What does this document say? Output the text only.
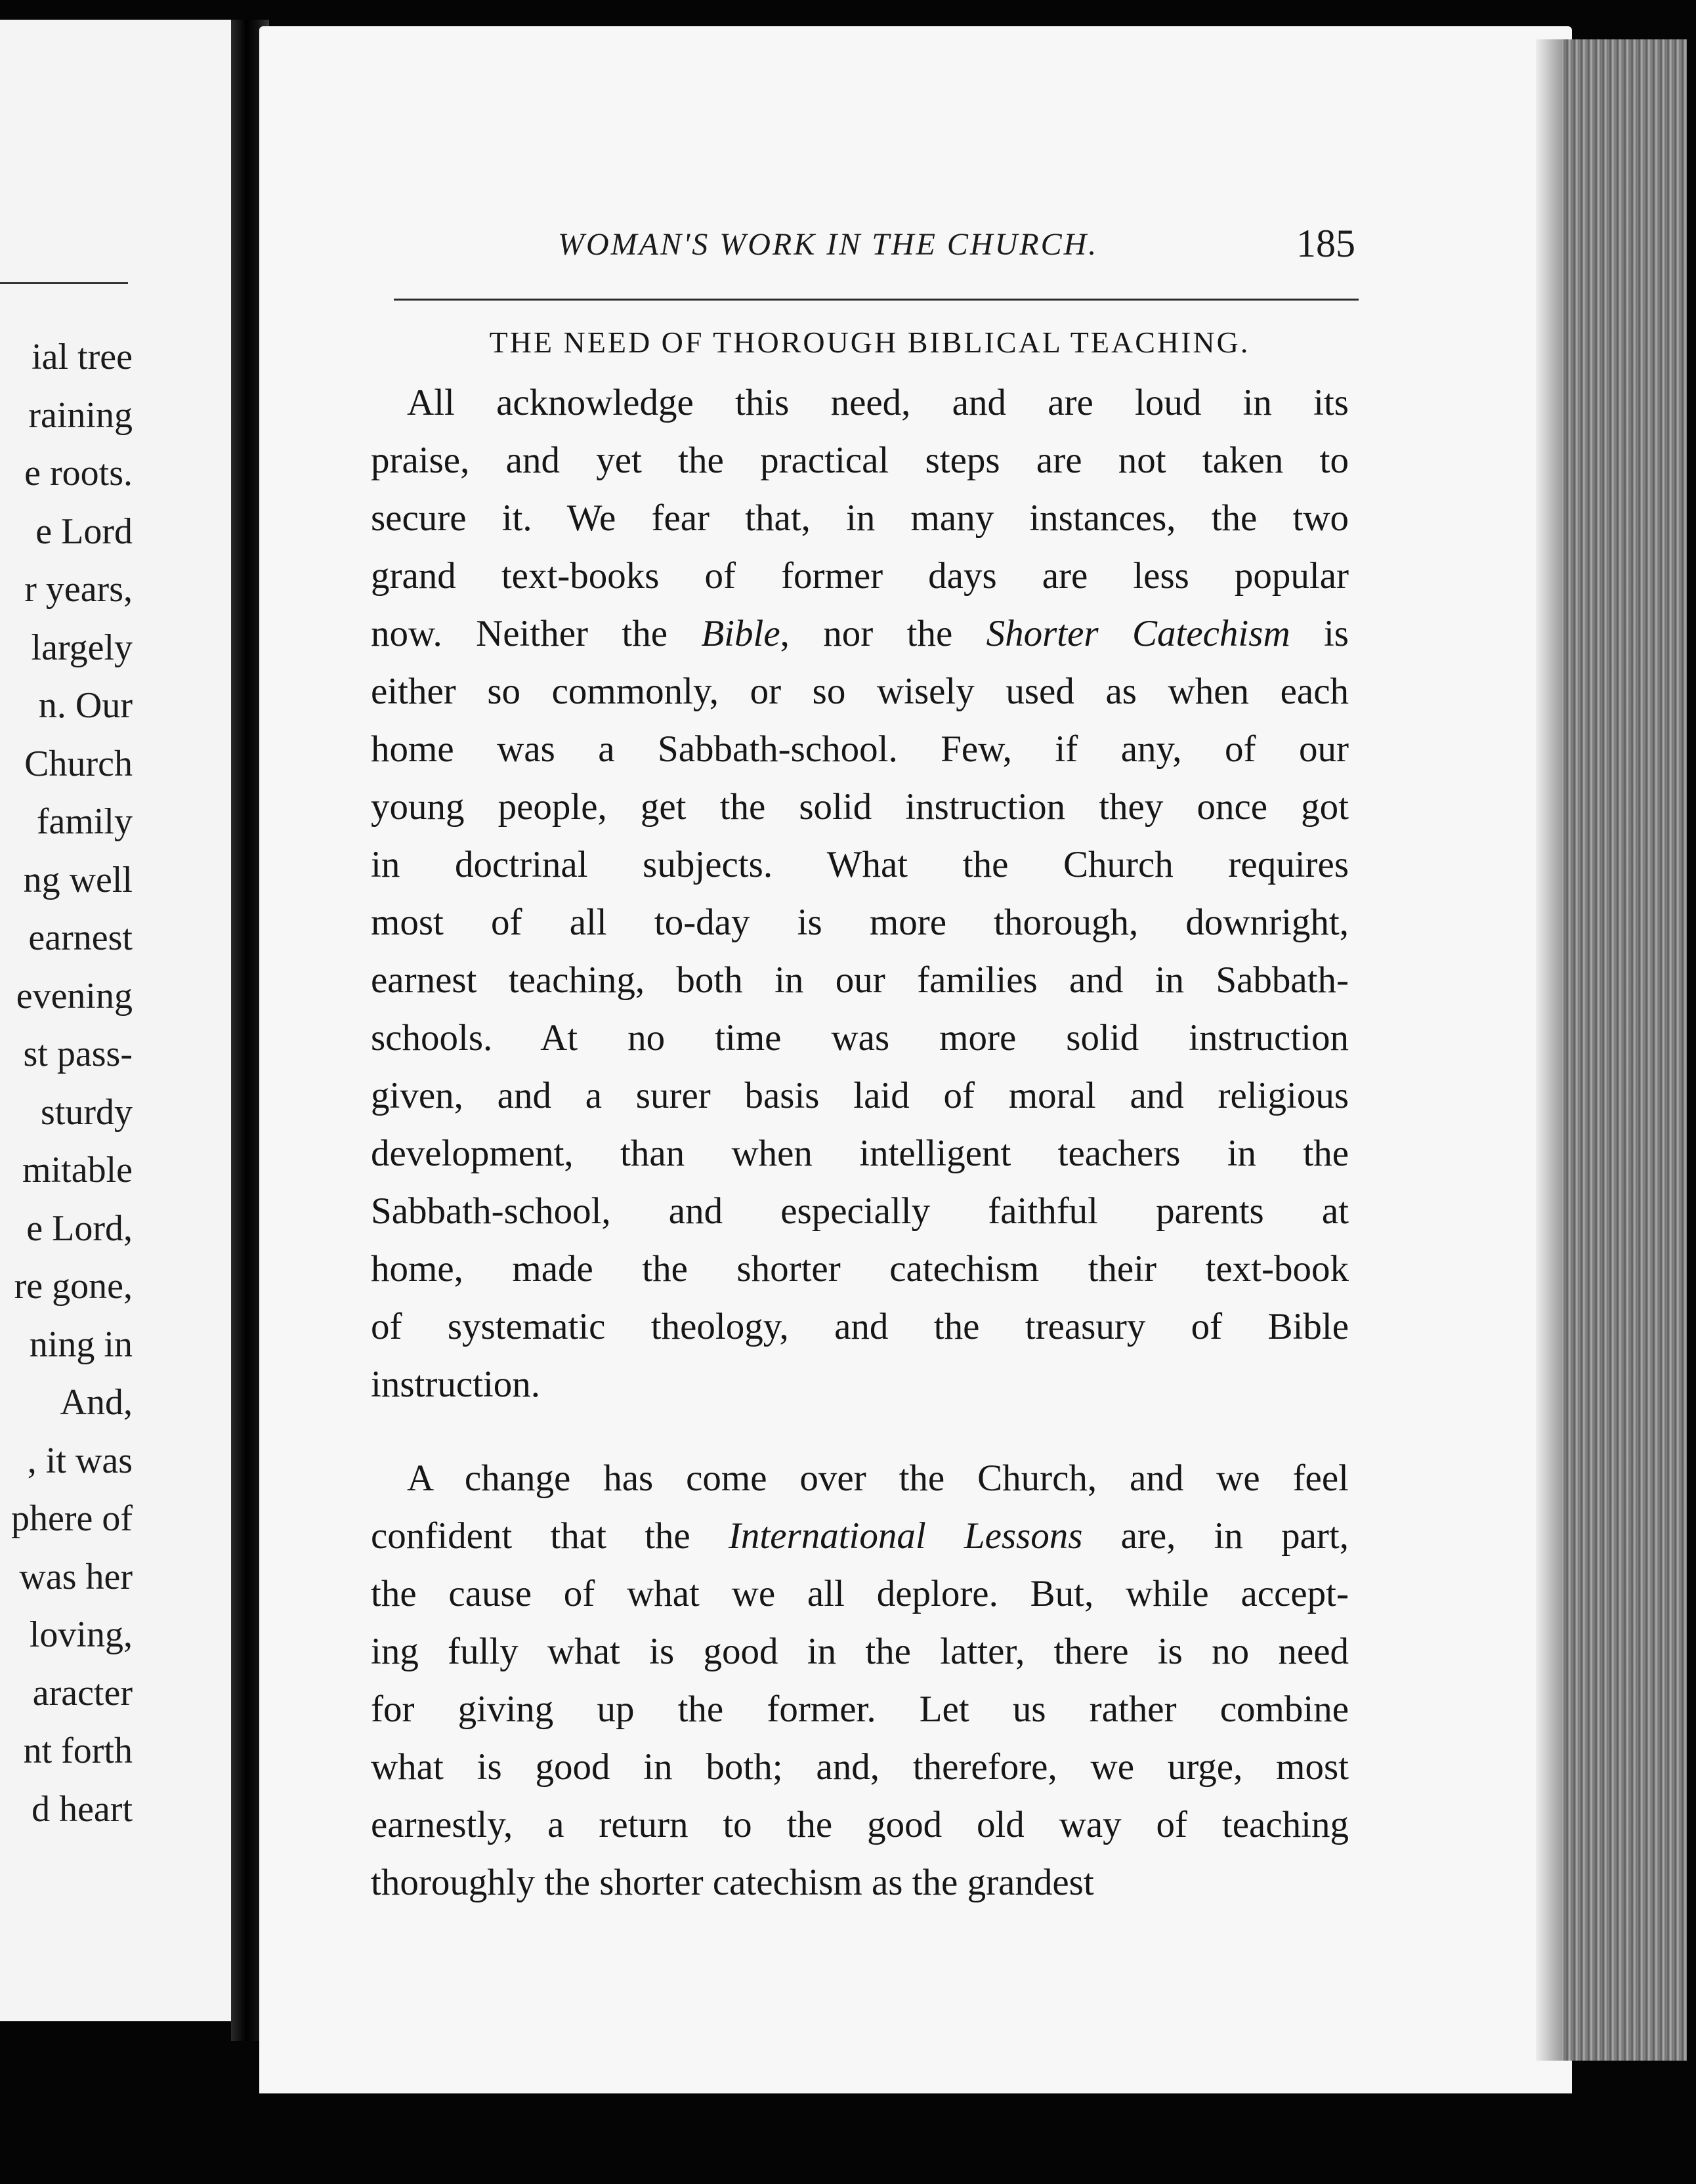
ial tree
raining
e roots.
e Lord
r years,
largely
n. Our
Church
family
ng well
earnest
evening
st pass-
sturdy
mitable
e Lord,
re gone,
ning in
And,
, it was
phere of
was her
loving,
aracter
nt forth
d heart
WOMAN'S WORK IN THE CHURCH.	185
THE NEED OF THOROUGH BIBLICAL TEACHING.

All acknowledge this need, and are loud in its
praise, and yet the practical steps are not taken to
secure it. We fear that, in many instances, the two
grand text-books of former days are less popular
now. Neither the Bible, nor the Shorter Catechism is
either so commonly, or so wisely used as when each
home was a Sabbath-school. Few, if any, of our
young people, get the solid instruction they once got
in doctrinal subjects. What the Church requires
most of all to-day is more thorough, downright,
earnest teaching, both in our families and in Sabbath-
schools. At no time was more solid instruction
given, and a surer basis laid of moral and religious
development, than when intelligent teachers in the
Sabbath-school, and especially faithful parents at
home, made the shorter catechism their text-book
of systematic theology, and the treasury of Bible
instruction.

A change has come over the Church, and we feel
confident that the International Lessons are, in part,
the cause of what we all deplore. But, while accept-
ing fully what is good in the latter, there is no need
for giving up the former. Let us rather combine
what is good in both; and, therefore, we urge, most
earnestly, a return to the good old way of teaching
thoroughly the shorter catechism as the grandest
